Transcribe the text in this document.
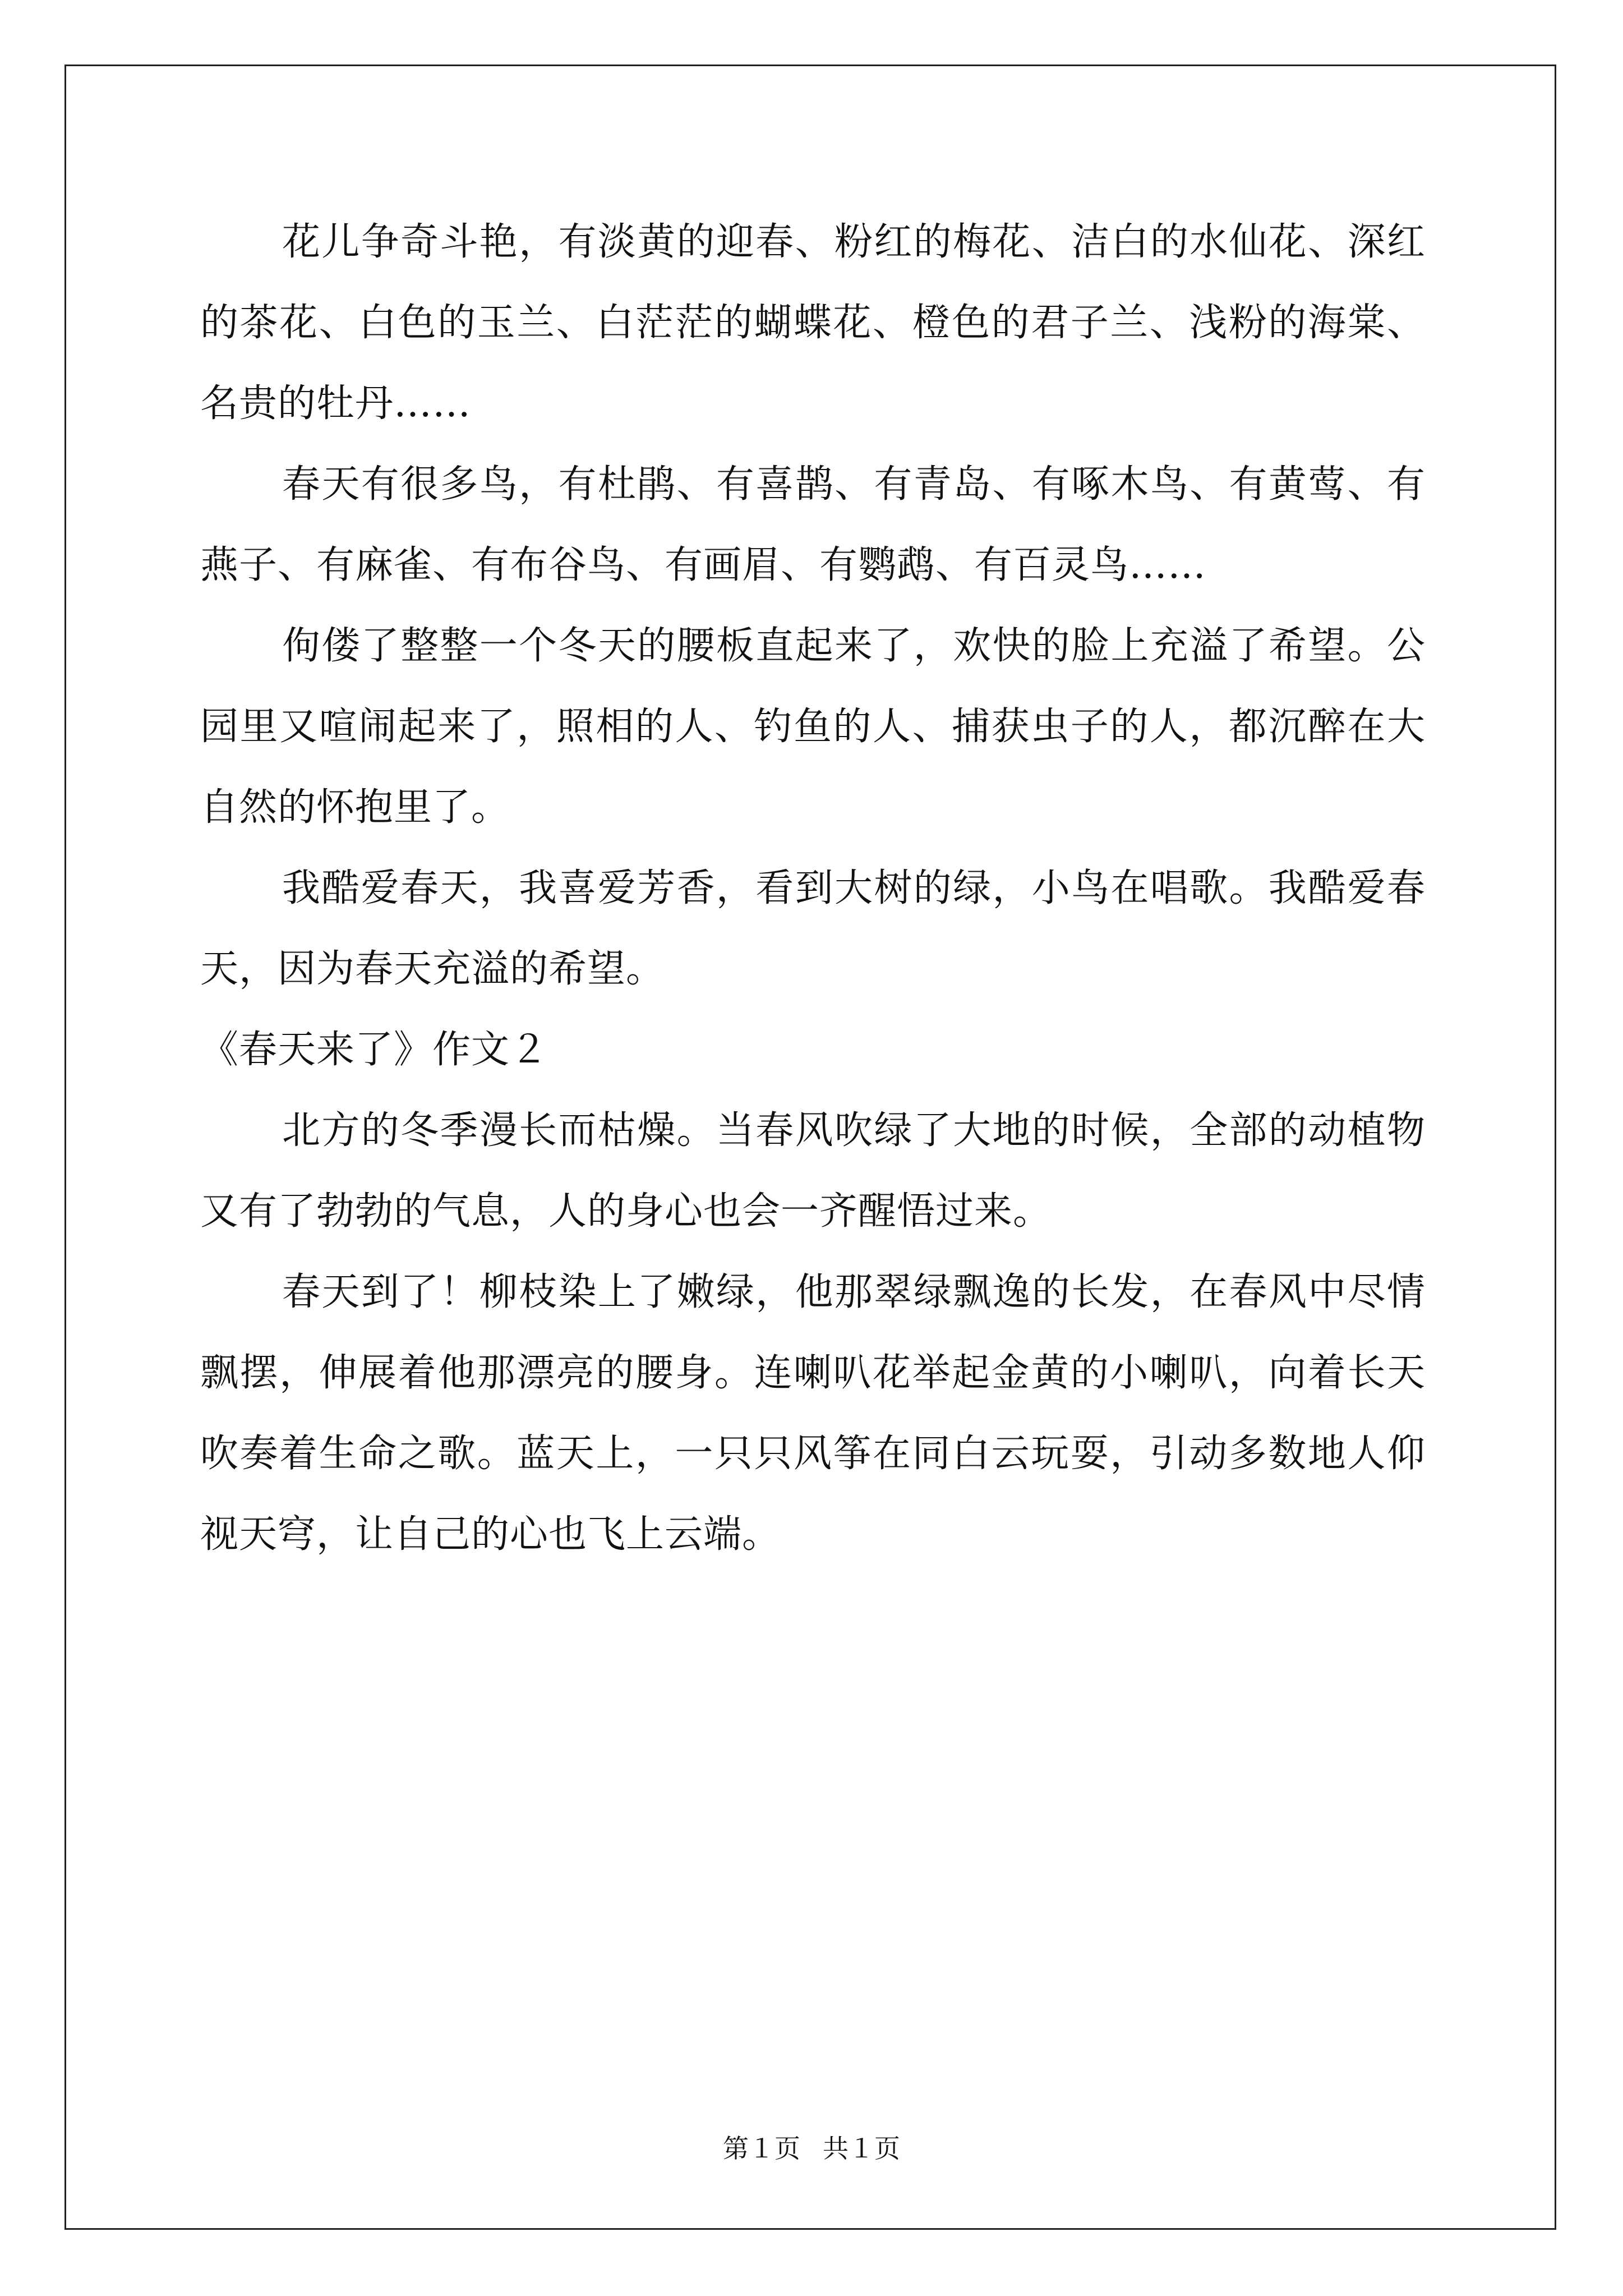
花儿争奇斗艳，有淡黄的迎春、粉红的梅花、洁白的水仙花、深红的茶花、白色的玉兰、白茫茫的蝴蝶花、橙色的君子兰、浅粉的海棠、名贵的牡丹……

春天有很多鸟，有杜鹃、有喜鹊、有青岛、有啄木鸟、有黄莺、有燕子、有麻雀、有布谷鸟、有画眉、有鹦鹉、有百灵鸟……

佝偻了整整一个冬天的腰板直起来了，欢快的脸上充溢了希望。公园里又喧闹起来了，照相的人、钓鱼的人、捕获虫子的人，都沉醉在大自然的怀抱里了。

我酷爱春天，我喜爱芳香，看到大树的绿，小鸟在唱歌。我酷爱春天，因为春天充溢的希望。

《春天来了》作文２

北方的冬季漫长而枯燥。当春风吹绿了大地的时候，全部的动植物又有了勃勃的气息，人的身心也会一齐醒悟过来。

春天到了！柳枝染上了嫩绿，他那翠绿飘逸的长发，在春风中尽情飘摆，伸展着他那漂亮的腰身。连喇叭花举起金黄的小喇叭，向着长天吹奏着生命之歌。蓝天上，一只只风筝在同白云玩耍，引动多数地人仰视天穹，让自己的心也飞上云端。

第１页 共１页
